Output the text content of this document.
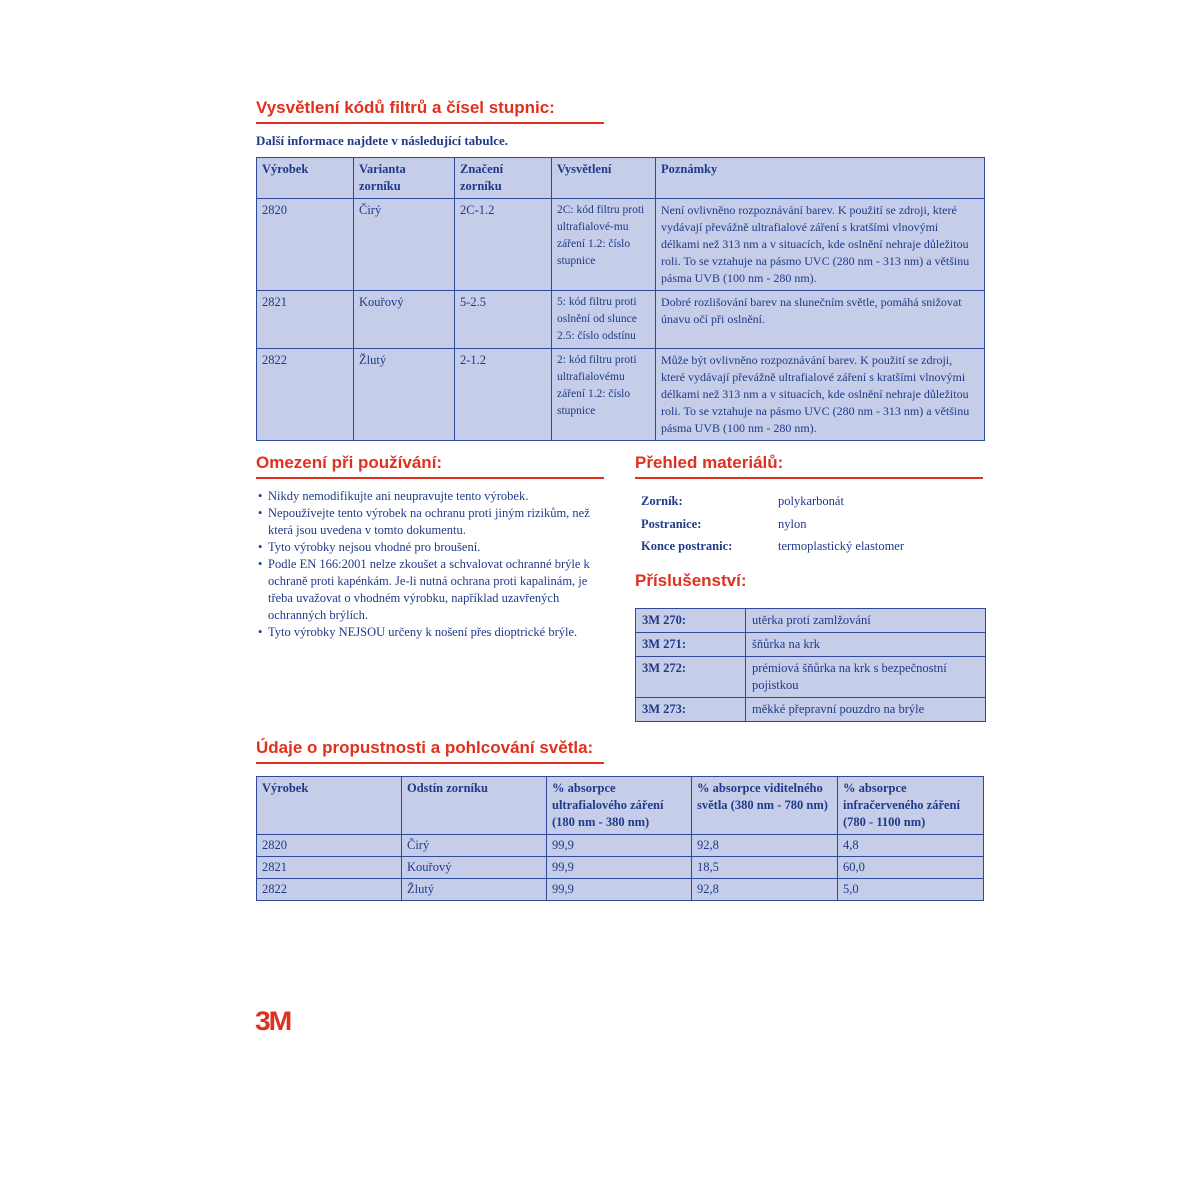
Vysvětlení kódů filtrů a čísel stupnic:
Další informace najdete v následující tabulce.
Výrobek	Varianta zorníku	Značení zorníku	Vysvětlení	Poznámky
2820	Čirý	2C-1.2	2C: kód filtru proti ultrafialové-mu záření 1.2: číslo stupnice	Není ovlivněno rozpoznávání barev. K použití se zdroji, které vydávají převážně ultrafialové záření s kratšími vlnovými délkami než 313 nm a v situacích, kde oslnění nehraje důležitou roli. To se vztahuje na pásmo UVC (280 nm - 313 nm) a většinu pásma UVB (100 nm - 280 nm).
2821	Kouřový	5-2.5	5: kód filtru proti oslnění od slunce 2.5: číslo odstínu	Dobré rozlišování barev na slunečním světle, pomáhá snižovat únavu očí při oslnění.
2822	Žlutý	2-1.2	2: kód filtru proti ultrafialovému záření 1.2: číslo stupnice	Může být ovlivněno rozpoznávání barev. K použití se zdroji, které vydávají převážně ultrafialové záření s kratšími vlnovými délkami než 313 nm a v situacích, kde oslnění nehraje důležitou roli. To se vztahuje na pásmo UVC (280 nm - 313 nm) a většinu pásma UVB (100 nm - 280 nm).
Omezení při používání:
• Nikdy nemodifikujte ani neupravujte tento výrobek.
• Nepoužívejte tento výrobek na ochranu proti jiným rizikům, než která jsou uvedena v tomto dokumentu.
• Tyto výrobky nejsou vhodné pro broušení.
• Podle EN 166:2001 nelze zkoušet a schvalovat ochranné brýle k ochraně proti kapénkám. Je-li nutná ochrana proti kapalinám, je třeba uvažovat o vhodném výrobku, například uzavřených ochranných brýlích.
• Tyto výrobky NEJSOU určeny k nošení přes dioptrické brýle.
Přehled materiálů:
Zorník:	polykarbonát
Postranice:	nylon
Konce postranic:	termoplastický elastomer
Příslušenství:
3M 270:	utěrka proti zamlžování
3M 271:	šňůrka na krk
3M 272:	prémiová šňůrka na krk s bezpečnostní pojistkou
3M 273:	měkké přepravní pouzdro na brýle
Údaje o propustnosti a pohlcování světla:
Výrobek	Odstín zorníku	% absorpce ultrafialového záření (180 nm - 380 nm)	% absorpce viditelného světla (380 nm - 780 nm)	% absorpce infračerveného záření (780 - 1100 nm)
2820	Čirý	99,9	92,8	4,8
2821	Kouřový	99,9	18,5	60,0
2822	Žlutý	99,9	92,8	5,0
3M
